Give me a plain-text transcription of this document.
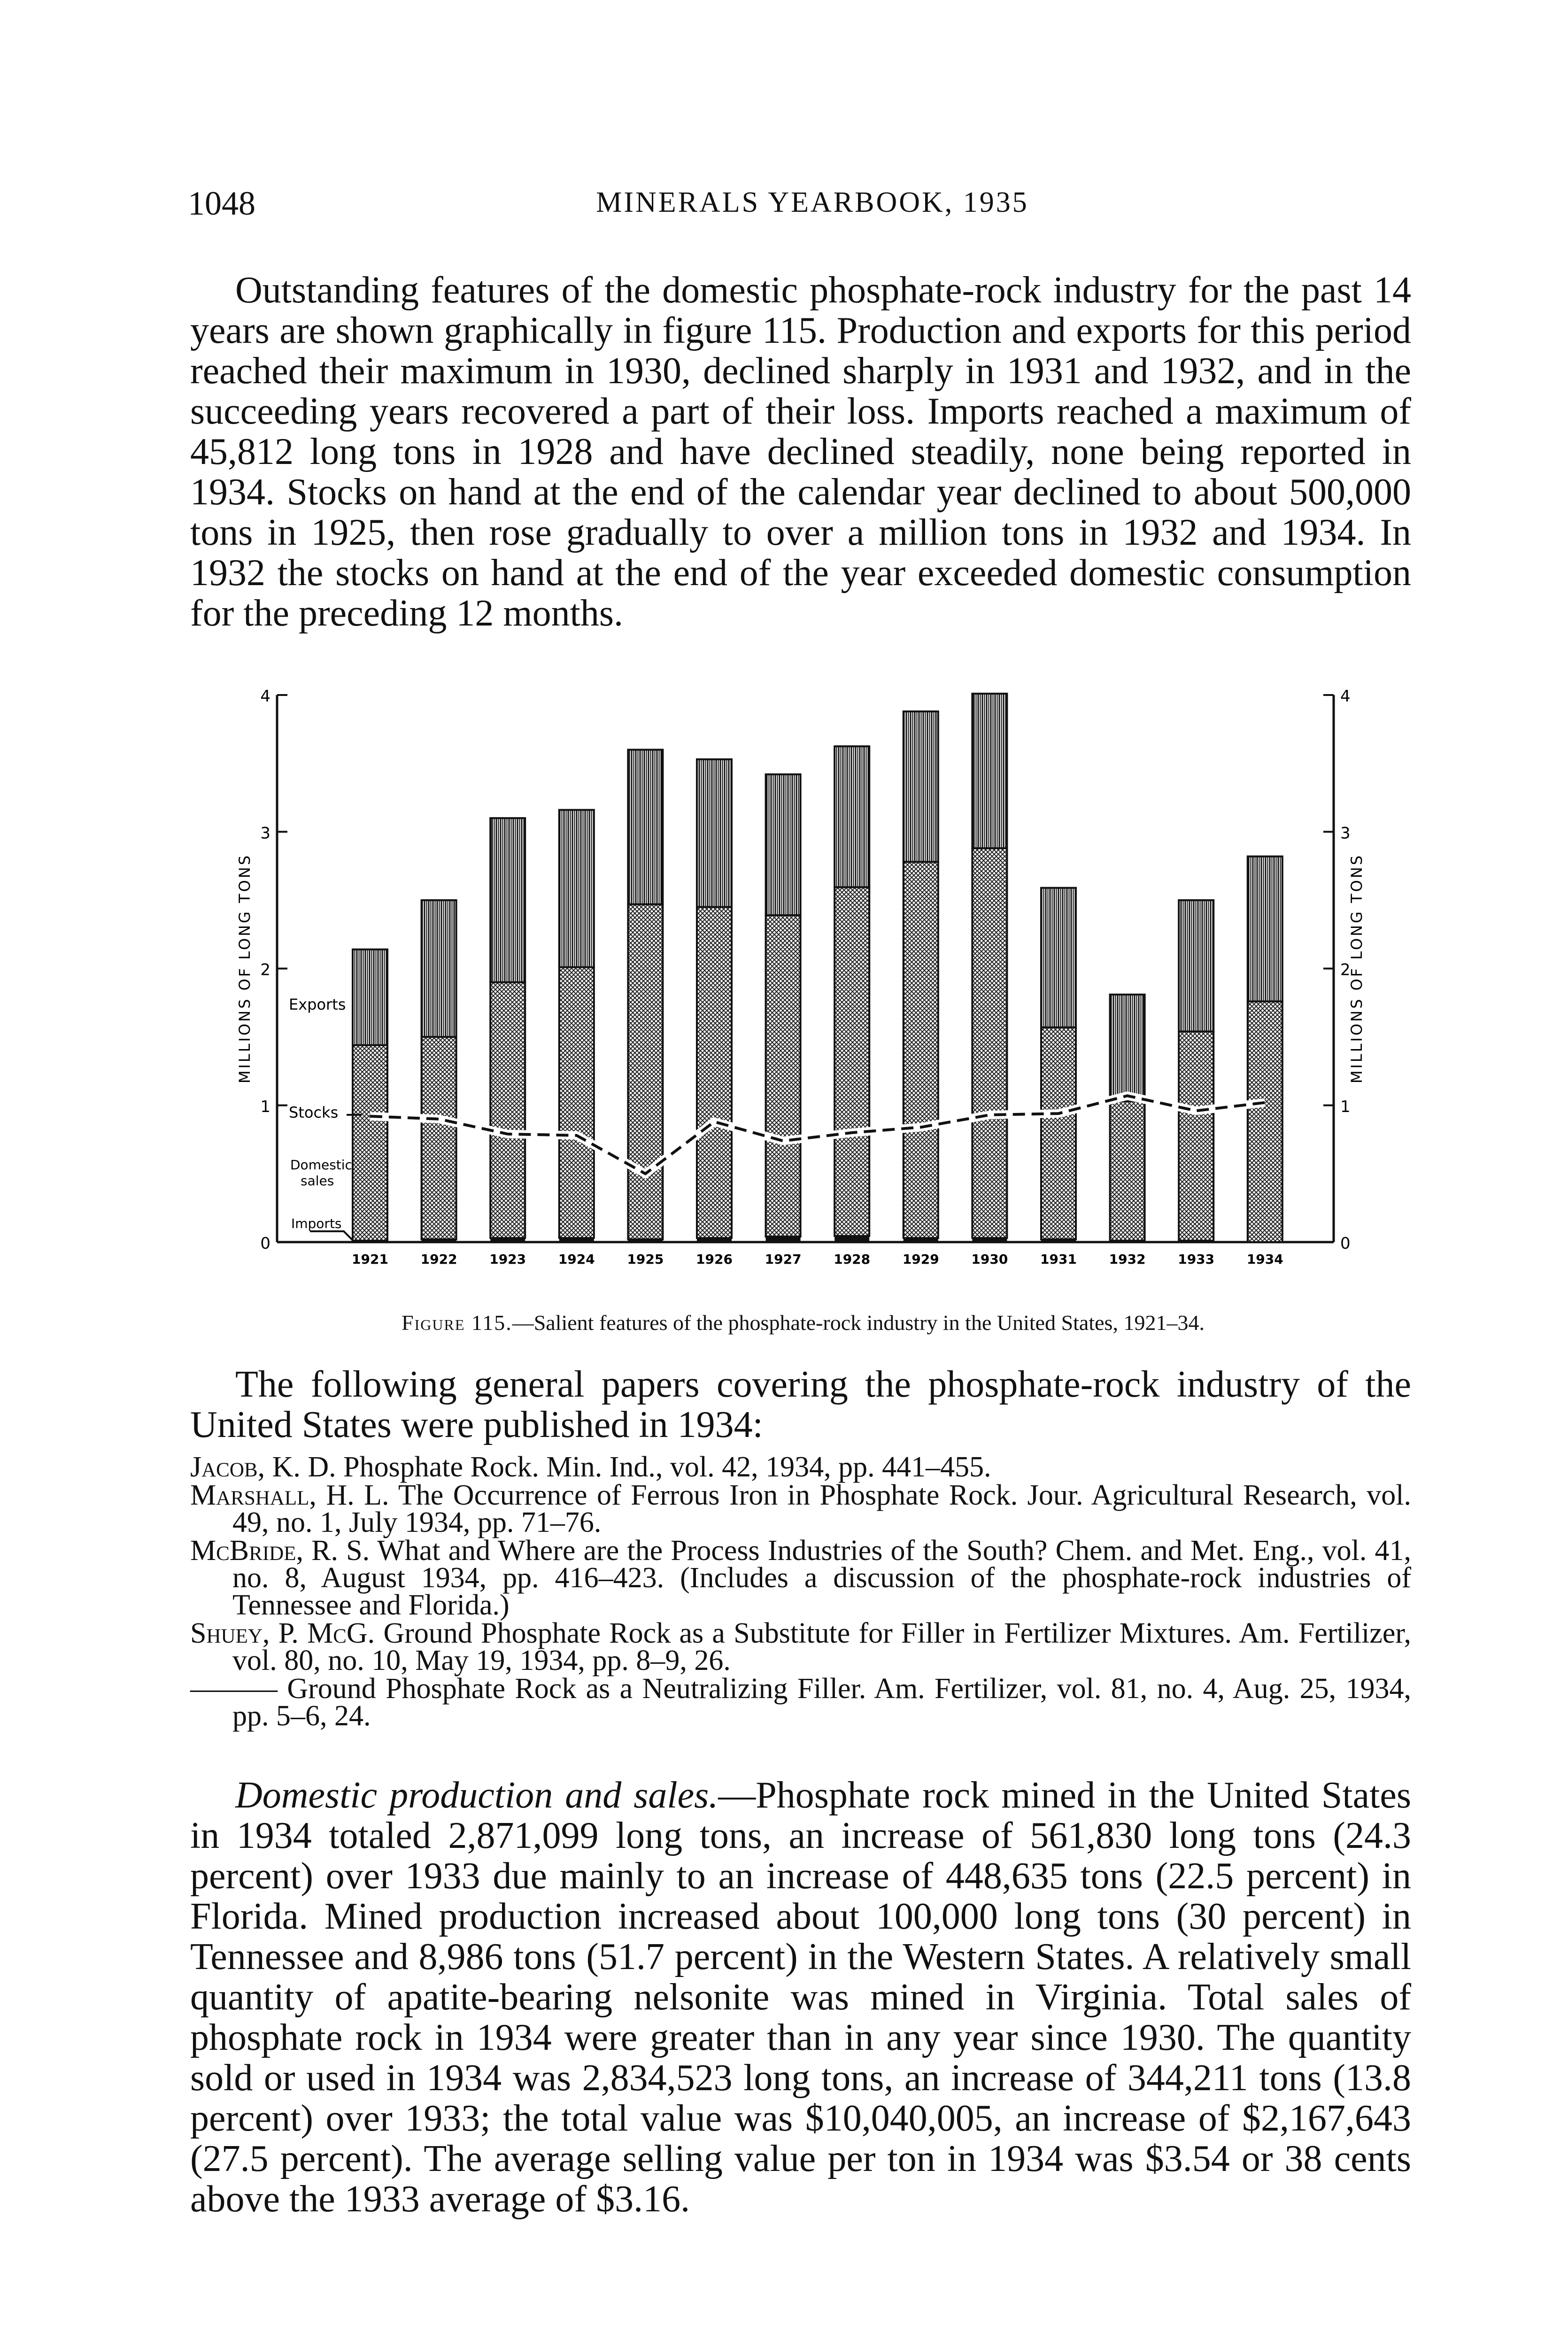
1048	MINERALS YEARBOOK, 1935

Outstanding features of the domestic phosphate-rock industry for the past 14 years are shown graphically in figure 115. Production and exports for this period reached their maximum in 1930, declined sharply in 1931 and 1932, and in the succeeding years recovered a part of their loss. Imports reached a maximum of 45,812 long tons in 1928 and have declined steadily, none being reported in 1934. Stocks on hand at the end of the calendar year declined to about 500,000 tons in 1925, then rose gradually to over a million tons in 1932 and 1934. In 1932 the stocks on hand at the end of the year exceeded domestic consumption for the preceding 12 months.

0	0
1	1
2	2
3	3
4	4
MILLIONS OF LONG TONS	MILLIONS OF LONG TONS
1921 1922 1923 1924 1925 1926 1927 1928 1929 1930 1931 1932 1933 1934
Exports
Stocks
Domestic
sales
Imports
Figure 115.—Salient features of the phosphate-rock industry in the United States, 1921–34.

The following general papers covering the phosphate-rock industry of the United States were published in 1934:

Jacob, K. D. Phosphate Rock. Min. Ind., vol. 42, 1934, pp. 441–455.

Marshall, H. L. The Occurrence of Ferrous Iron in Phosphate Rock. Jour. Agricultural Research, vol. 49, no. 1, July 1934, pp. 71–76.

McBride, R. S. What and Where are the Process Industries of the South? Chem. and Met. Eng., vol. 41, no. 8, August 1934, pp. 416–423. (Includes a discussion of the phosphate-rock industries of Tennessee and Florida.)

Shuey, P. McG. Ground Phosphate Rock as a Substitute for Filler in Fertilizer Mixtures. Am. Fertilizer, vol. 80, no. 10, May 19, 1934, pp. 8–9, 26.

——— Ground Phosphate Rock as a Neutralizing Filler. Am. Fertilizer, vol. 81, no. 4, Aug. 25, 1934, pp. 5–6, 24.

Domestic production and sales.—Phosphate rock mined in the United States in 1934 totaled 2,871,099 long tons, an increase of 561,830 long tons (24.3 percent) over 1933 due mainly to an increase of 448,635 tons (22.5 percent) in Florida. Mined production increased about 100,000 long tons (30 percent) in Tennessee and 8,986 tons (51.7 percent) in the Western States. A relatively small quantity of apatite-bearing nelsonite was mined in Virginia. Total sales of phosphate rock in 1934 were greater than in any year since 1930. The quantity sold or used in 1934 was 2,834,523 long tons, an increase of 344,211 tons (13.8 percent) over 1933; the total value was $10,040,005, an increase of $2,167,643 (27.5 percent). The average selling value per ton in 1934 was $3.54 or 38 cents above the 1933 average of $3.16.
